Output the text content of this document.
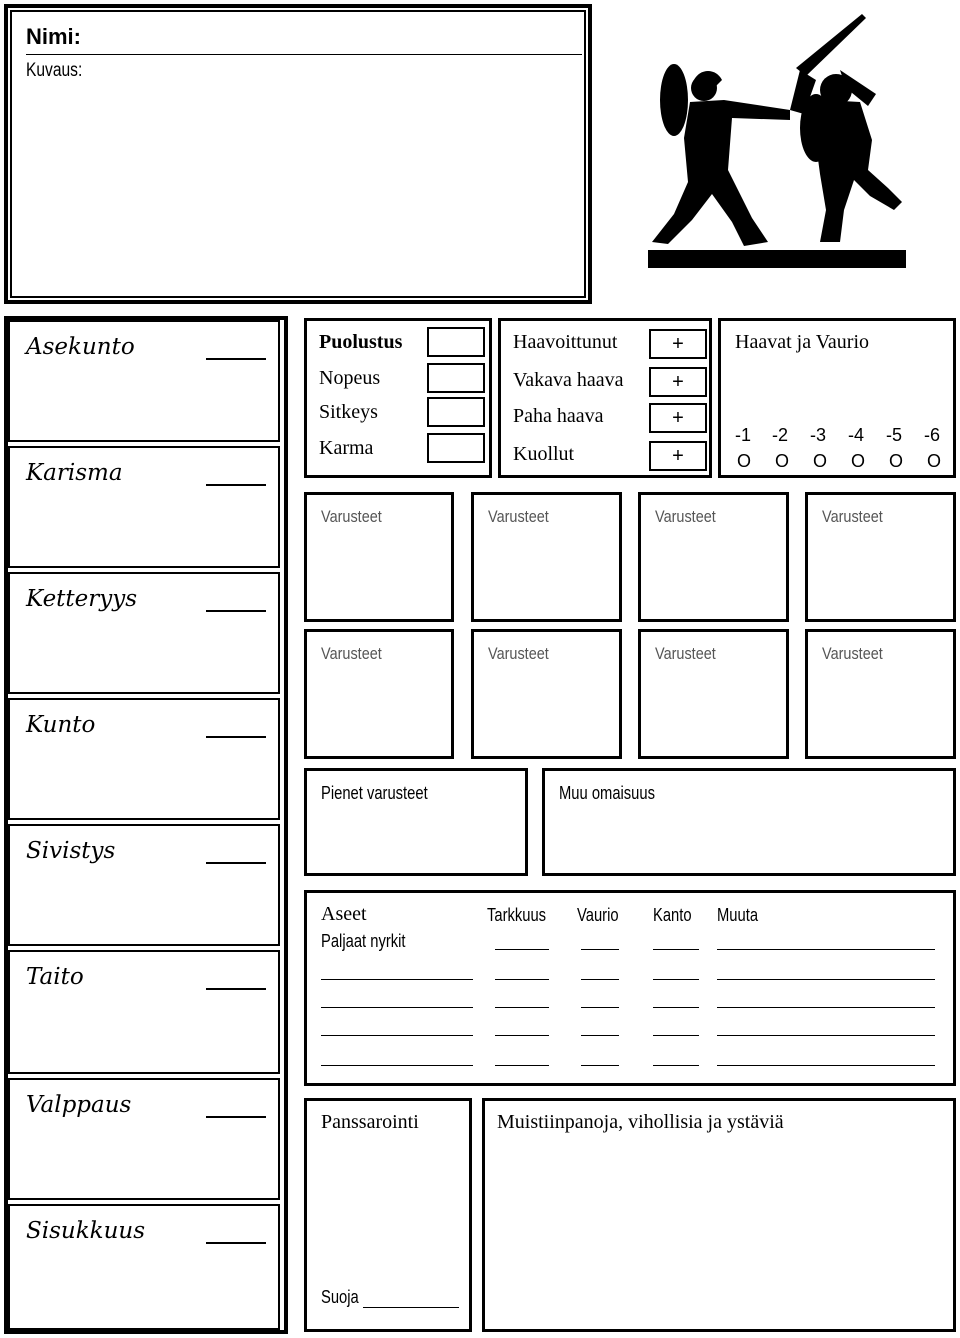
Nimi:
Kuvaus:
Asekunto
Karisma
Ketteryys
Kunto
Sivistys
Taito
Valppaus
Sisukkuus
Puolustus
Nopeus
Sitkeys
Karma
Haavoittunut
Vakava haava
Paha haava
Kuollut
+
+
+
+
Haavat ja Vaurio
-1 -2 -3 -4 -5 -6
O O O O O O
Varusteet	Varusteet	Varusteet	Varusteet
Varusteet	Varusteet	Varusteet	Varusteet
Pienet varusteet	Muu omaisuus
Aseet	Tarkkuus Vaurio Kanto Muuta
Paljaat nyrkit
Panssarointi
Suoja
Muistiinpanoja, vihollisia ja ystäviä
